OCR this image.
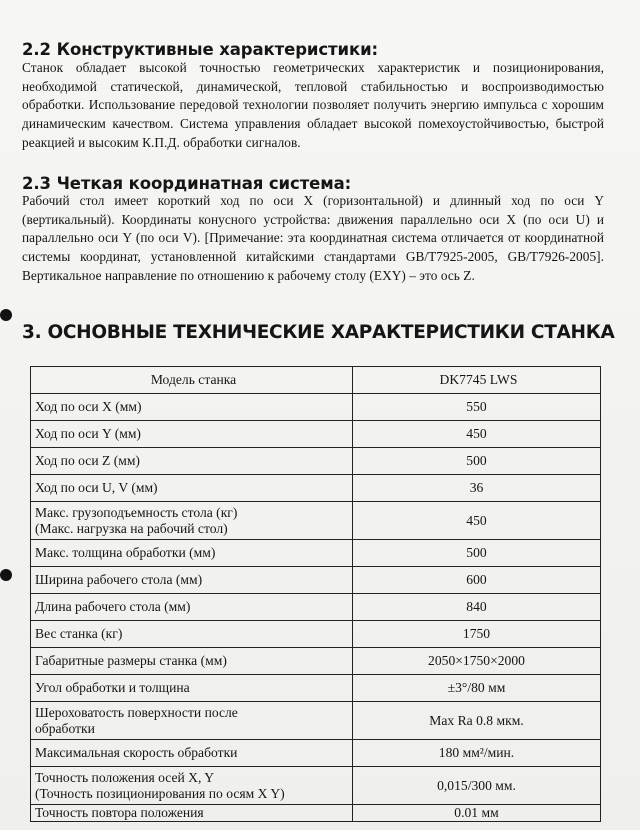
2.2 Конструктивные характеристики:

Станок обладает высокой точностью геометрических характеристик и позиционирования, необходимой статической, динамической, тепловой стабильностью и воспроизводимостью обработки. Использование передовой технологии позволяет получить энергию импульса с хорошим динамическим качеством. Система управления обладает высокой помехоустойчивостью, быстрой реакцией и высоким К.П.Д. обработки сигналов.

2.3 Четкая координатная система:

Рабочий стол имеет короткий ход по оси X (горизонтальной) и длинный ход по оси Y (вертикальный). Координаты конусного устройства: движения параллельно оси X (по оси U) и параллельно оси Y (по оси V). [Примечание: эта координатная система отличается от координатной системы координат, установленной китайскими стандартами GB/T7925-2005, GB/T7926-2005]. Вертикальное направление по отношению к рабочему столу (EXY) – это ось Z.

3. ОСНОВНЫЕ ТЕХНИЧЕСКИЕ ХАРАКТЕРИСТИКИ СТАНКА
Модель станка	DK7745 LWS
Ход по оси X (мм)	550
Ход по оси Y (мм)	450
Ход по оси Z (мм)	500
Ход по оси U, V (мм)	36
Макс. грузоподъемность стола (кг)
(Макс. нагрузка на рабочий стол)	450
Макс. толщина обработки (мм)	500
Ширина рабочего стола (мм)	600
Длина рабочего стола (мм)	840
Вес станка (кг)	1750
Габаритные размеры станка (мм)	2050×1750×2000
Угол обработки и толщина	±3°/80 мм
Шероховатость поверхности после
обработки	Max Ra 0.8 мкм.
Максимальная скорость обработки	180 мм²/мин.
Точность положения осей X, Y
(Точность позиционирования по осям X Y)	0,015/300 мм.
Точность повтора положения	0.01 мм
